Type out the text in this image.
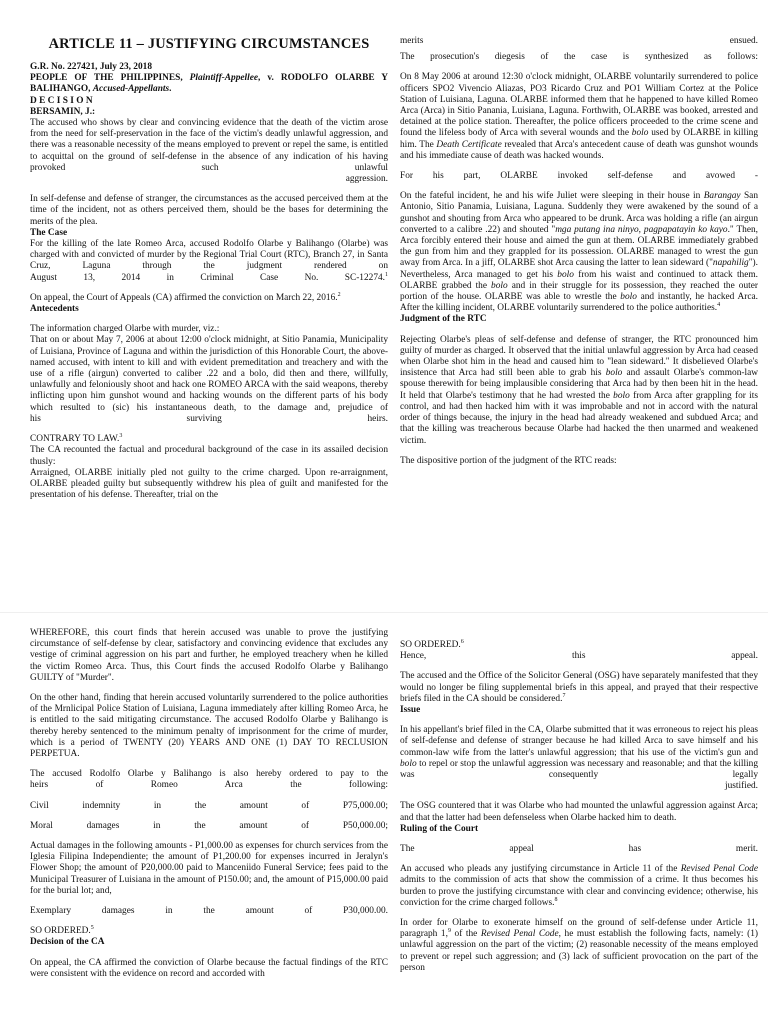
ARTICLE 11 – JUSTIFYING CIRCUMSTANCES
G.R. No. 227421, July 23, 2018
PEOPLE OF THE PHILIPPINES, Plaintiff-Appellee, v. RODOLFO OLARBE Y BALIHANGO, Accused-Appellants.
D E C I S I O N
BERSAMIN, J.:

The accused who shows by clear and convincing evidence that the death of the victim arose from the need for self-preservation in the face of the victim's deadly unlawful aggression, and there was a reasonable necessity of the means employed to prevent or repel the same, is entitled to acquittal on the ground of self-defense in the absence of any indication of his having provoked such unlawful

aggression.

In self-defense and defense of stranger, the circumstances as the accused perceived them at the time of the incident, not as others perceived them, should be the bases for determining the merits of the plea.

The Case

For the killing of the late Romeo Arca, accused Rodolfo Olarbe y Balihango (Olarbe) was charged with and convicted of murder by the Regional Trial Court (RTC), Branch 27, in Santa Cruz, Laguna through the judgment rendered on

August 13, 2014 in Criminal Case No. SC-12274.$^1$

On appeal, the Court of Appeals (CA) affirmed the conviction on March 22, 2016.$^2$

Antecedents

The information charged Olarbe with murder, viz.:

That on or about May 7, 2006 at about 12:00 o'clock midnight, at Sitio Panamia, Municipality of Luisiana, Province of Laguna and within the jurisdiction of this Honorable Court, the above-named accused, with intent to kill and with evident premeditation and treachery and with the use of a rifle (airgun) converted to caliber .22 and a bolo, did then and there, willfully, unlawfully and feloniously shoot and hack one ROMEO ARCA with the said weapons, thereby inflicting upon him gunshot wound and hacking wounds on the different parts of his body which resulted to (sic) his instantaneous death, to the damage and, prejudice of

his surviving heirs.

CONTRARY TO LAW.$^3$

The CA recounted the factual and procedural background of the case in its assailed decision thusly:

Arraigned, OLARBE initially pled not guilty to the crime charged. Upon re-arraignment, OLARBE pleaded guilty but subsequently withdrew his plea of guilt and manifested for the presentation of his defense. Thereafter, trial on the

merits ensued.

The prosecution's diegesis of the case is synthesized as follows:

On 8 May 2006 at around 12:30 o'clock midnight, OLARBE voluntarily surrendered to police officers SPO2 Vivencio Aliazas, PO3 Ricardo Cruz and PO1 William Cortez at the Police Station of Luisiana, Laguna. OLARBE informed them that he happened to have killed Romeo Arca (Arca) in Sitio Panania, Luisiana, Laguna. Forthwith, OLARBE was booked, arrested and detained at the police station. Thereafter, the police officers proceeded to the crime scene and found the lifeless body of Arca with several wounds and the bolo used by OLARBE in killing him. The Death Certificate revealed that Arca's antecedent cause of death was gunshot wounds and his immediate cause of death was hacked wounds.

For his part, OLARBE invoked self-defense and avowed -

On the fateful incident, he and his wife Juliet were sleeping in their house in Barangay San Antonio, Sitio Panamia, Luisiana, Laguna. Suddenly they were awakened by the sound of a gunshot and shouting from Arca who appeared to be drunk. Arca was holding a rifle (an airgun converted to a calibre .22) and shouted "mga putang ina ninyo, pagpapatayin ko kayo." Then, Arca forcibly entered their house and aimed the gun at them. OLARBE immediately grabbed the gun from him and they grappled for its possession. OLARBE managed to wrest the gun away from Arca. In a jiff, OLARBE shot Arca causing the latter to lean sideward ("napahilig"). Nevertheless, Arca managed to get his bolo from his waist and continued to attack them. OLARBE grabbed the bolo and in their struggle for its possession, they reached the outer portion of the house. OLARBE was able to wrestle the bolo and instantly, he hacked Arca. After the killing incident, OLARBE voluntarily surrendered to the police authorities.$^4$

Judgment of the RTC

Rejecting Olarbe's pleas of self-defense and defense of stranger, the RTC pronounced him guilty of murder as charged. It observed that the initial unlawful aggression by Arca had ceased when Olarbe shot him in the head and caused him to "lean sideward." It disbelieved Olarbe's insistence that Arca had still been able to grab his bolo and assault Olarbe's common-law spouse therewith for being implausible considering that Arca had by then been hit in the head. It held that Olarbe's testimony that he had wrested the bolo from Arca after grappling for its control, and had then hacked him with it was improbable and not in accord with the natural order of things because, the injury in the head had already weakened and subdued Arca; and that the killing was treacherous because Olarbe had hacked the then unarmed and weakened victim.

The dispositive portion of the judgment of the RTC reads:

WHEREFORE, this court finds that herein accused was unable to prove the justifying circumstance of self-defense by clear, satisfactory and convincing evidence that excludes any vestige of criminal aggression on his part and further, he employed treachery when he killed the victim Romeo Arca. Thus, this Court finds the accused Rodolfo Olarbe y Balihango GUILTY of "Murder".

On the other hand, finding that herein accused voluntarily surrendered to the police authorities of the Mrnlicipal Police Station of Luisiana, Laguna immediately after killing Romeo Arca, he is entitled to the said mitigating circumstance. The accused Rodolfo Olarbe y Balihango is thereby hereby sentenced to the minimum penalty of imprisonment for the crime of murder, which is a period of TWENTY (20) YEARS AND ONE (1) DAY TO RECLUSION PERPETUA.

The accused Rodolfo Olarbe y Balihango is also hereby ordered to pay to the

heirs of Romeo Arca the following:

Civil indemnity in the amount of P75,000.00;

Moral damages in the amount of P50,000.00;

Actual damages in the following amounts - P1,000.00 as expenses for church services from the Iglesia Filipina Independiente; the amount of P1,200.00 for expenses incurred in Jeralyn's Flower Shop; the amount of P20,000.00 paid to Manceniido Funeral Service; fees paid to the Municipal Treasurer of Luisiana in the amount of P150.00; and, the amount of P15,000.00 paid for the burial lot; and,

Exemplary damages in the amount of P30,000.00.

SO ORDERED.$^5$

Decision of the CA

On appeal, the CA affirmed the conviction of Olarbe because the factual findings of the RTC were consistent with the evidence on record and accorded with

SO ORDERED.$^6$

Hence, this appeal.

The accused and the Office of the Solicitor General (OSG) have separately manifested that they would no longer be filing supplemental briefs in this appeal, and prayed that their respective briefs filed in the CA should be considered.$^7$

Issue

In his appellant's brief filed in the CA, Olarbe submitted that it was erroneous to reject his pleas of self-defense and defense of stranger because he had killed Arca to save himself and his common-law wife from the latter's unlawful aggression; that his use of the victim's gun and bolo to repel or stop the unlawful aggression was necessary and reasonable; and that the killing was consequently legally

justified.

The OSG countered that it was Olarbe who had mounted the unlawful aggression against Arca; and that the latter had been defenseless when Olarbe hacked him to death.

Ruling of the Court

The appeal has merit.

An accused who pleads any justifying circumstance in Article 11 of the Revised Penal Code admits to the commission of acts that show the commission of a crime. It thus becomes his burden to prove the justifying circumstance with clear and convincing evidence; otherwise, his conviction for the crime charged follows.$^8$

In order for Olarbe to exonerate himself on the ground of self-defense under Article 11, paragraph 1,$^9$ of the Revised Penal Code, he must establish the following facts, namely: (1) unlawful aggression on the part of the victim; (2) reasonable necessity of the means employed to prevent or repel such aggression; and (3) lack of sufficient provocation on the part of the person
